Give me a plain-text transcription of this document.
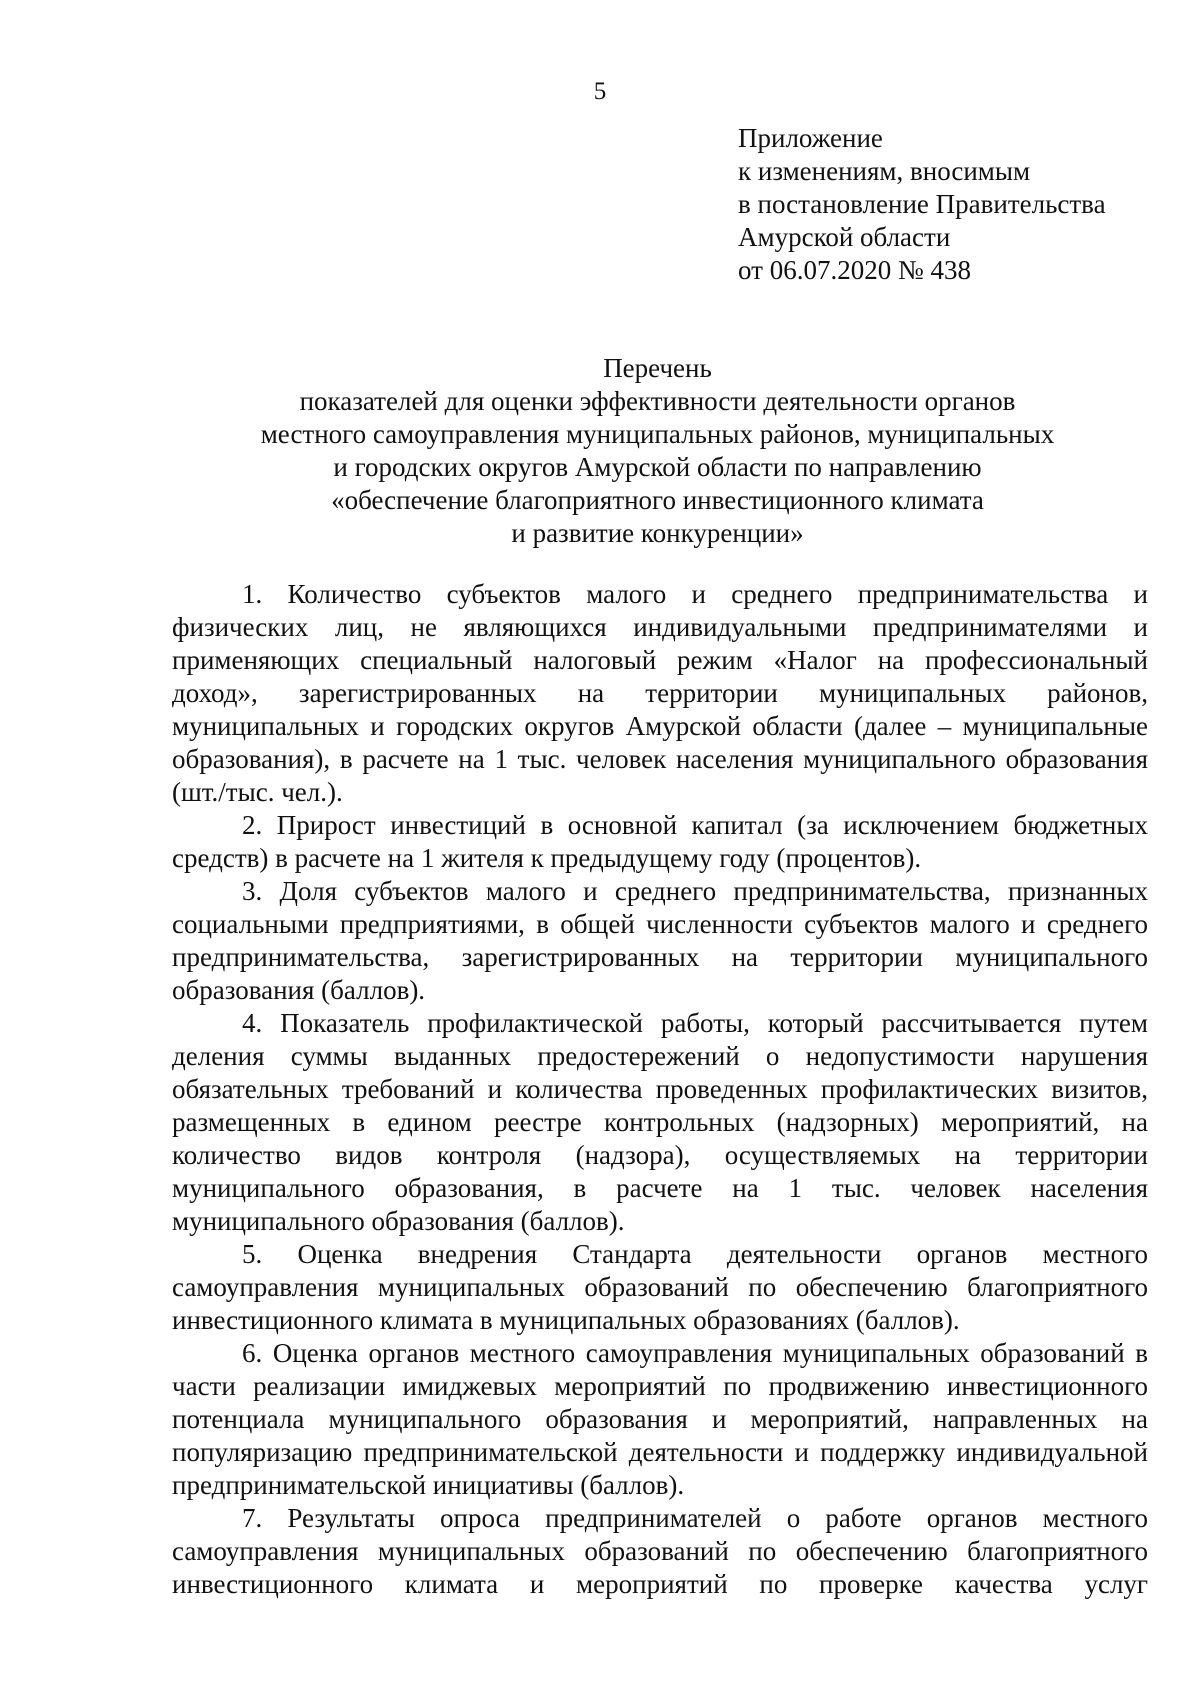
5
Приложение
к изменениям, вносимым
в постановление Правительства
Амурской области
от 06.07.2020 № 438
Перечень
показателей для оценки эффективности деятельности органов
местного самоуправления муниципальных районов, муниципальных
и городских округов Амурской области по направлению
«обеспечение благоприятного инвестиционного климата
и развитие конкуренции»

1. Количество субъектов малого и среднего предпринимательства и физических лиц, не являющихся индивидуальными предпринимателями и применяющих специальный налоговый режим «Налог на профессиональный доход», зарегистрированных на территории муниципальных районов, муниципальных и городских округов Амурской области (далее – муниципальные образования), в расчете на 1 тыс. человек населения муниципального образования (шт./тыс. чел.).

2. Прирост инвестиций в основной капитал (за исключением бюджетных средств) в расчете на 1 жителя к предыдущему году (процентов).

3. Доля субъектов малого и среднего предпринимательства, признанных социальными предприятиями, в общей численности субъектов малого и среднего предпринимательства, зарегистрированных на территории муниципального образования (баллов).

4. Показатель профилактической работы, который рассчитывается путем деления суммы выданных предостережений о недопустимости нарушения обязательных требований и количества проведенных профилактических визитов, размещенных в едином реестре контрольных (надзорных) мероприятий, на количество видов контроля (надзора), осуществляемых на территории муниципального образования, в расчете на 1 тыс. человек населения муниципального образования (баллов).

5. Оценка внедрения Стандарта деятельности органов местного самоуправления муниципальных образований по обеспечению благоприятного инвестиционного климата в муниципальных образованиях (баллов).

6. Оценка органов местного самоуправления муниципальных образований в части реализации имиджевых мероприятий по продвижению инвестиционного потенциала муниципального образования и мероприятий, направленных на популяризацию предпринимательской деятельности и поддержку индивидуальной предпринимательской инициативы (баллов).

7. Результаты опроса предпринимателей о работе органов местного самоуправления муниципальных образований по обеспечению благоприятного инвестиционного климата и мероприятий по проверке качества услуг
